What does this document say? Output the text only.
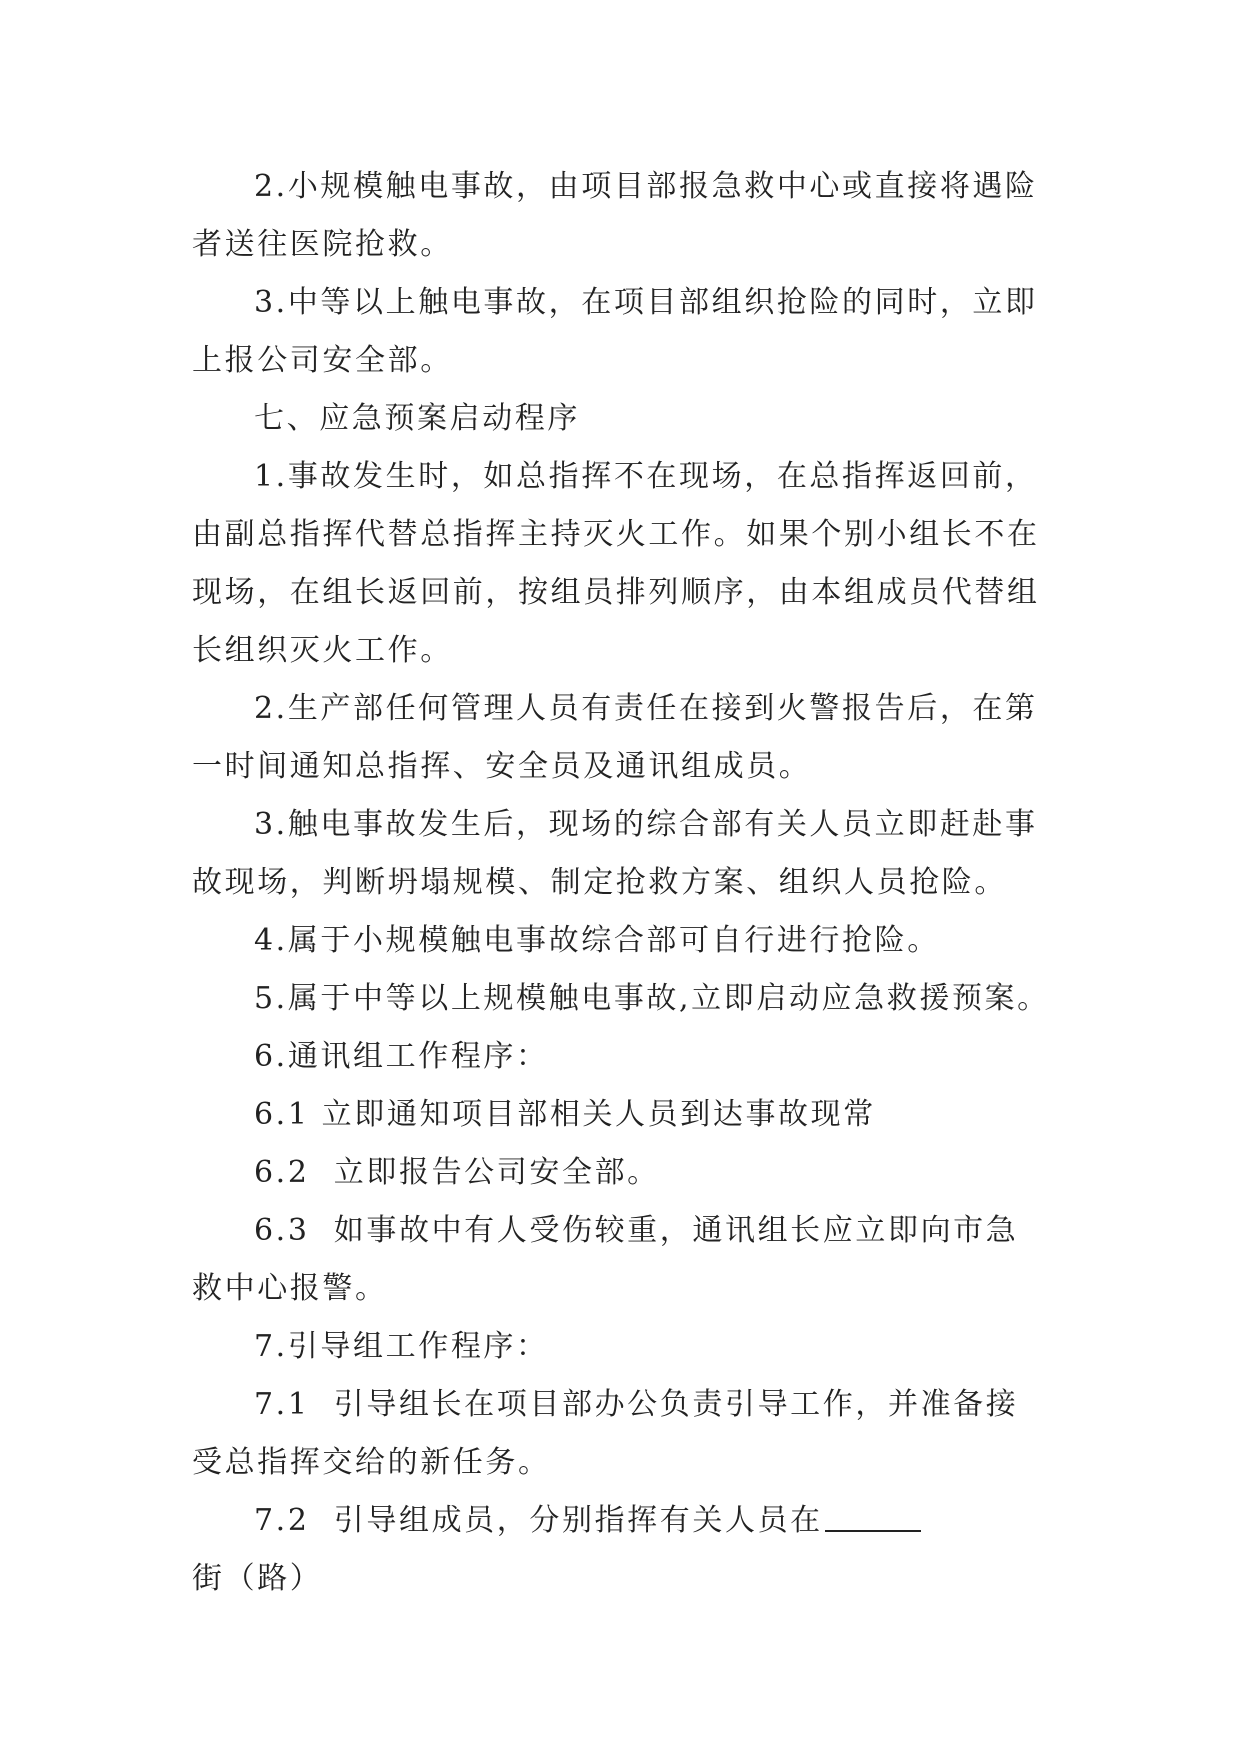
2.小规模触电事故，由项目部报急救中心或直接将遇险者送往医院抢救。

3.中等以上触电事故，在项目部组织抢险的同时，立即上报公司安全部。

七、应急预案启动程序

1.事故发生时，如总指挥不在现场，在总指挥返回前，由副总指挥代替总指挥主持灭火工作。如果个别小组长不在现场，在组长返回前，按组员排列顺序，由本组成员代替组长组织灭火工作。

2.生产部任何管理人员有责任在接到火警报告后，在第一时间通知总指挥、安全员及通讯组成员。

3.触电事故发生后，现场的综合部有关人员立即赶赴事故现场，判断坍塌规模、制定抢救方案、组织人员抢险。

4.属于小规模触电事故综合部可自行进行抢险。

5.属于中等以上规模触电事故,立即启动应急救援预案。

6.通讯组工作程序：

6.1 立即通知项目部相关人员到达事故现常

6.2  立即报告公司安全部。

6.3  如事故中有人受伤较重，通讯组长应立即向市急救中心报警。

7.引导组工作程序：

7.1  引导组长在项目部办公负责引导工作，并准备接受总指挥交给的新任务。

7.2  引导组成员，分别指挥有关人员在街（路）
